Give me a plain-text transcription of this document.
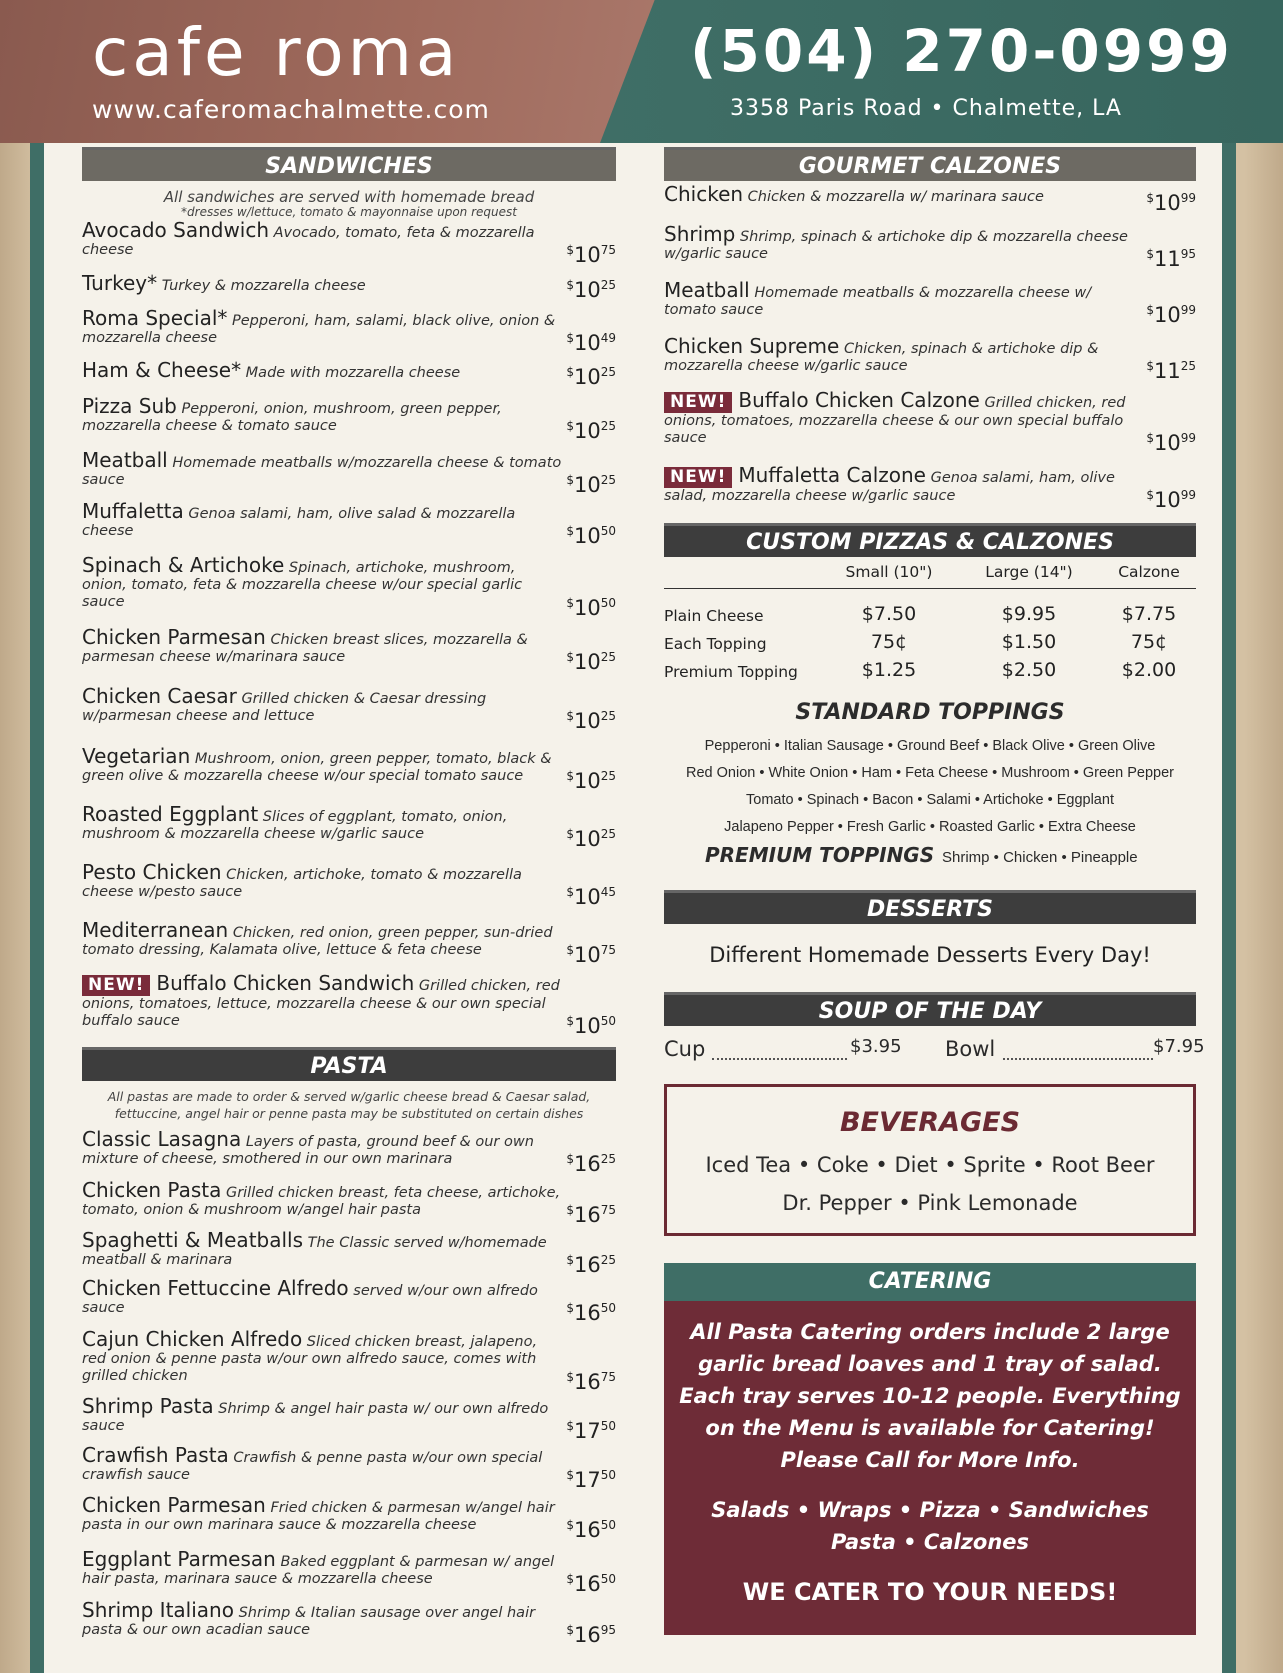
cafe roma
www.caferomachalmette.com
(504) 270-0999
3358 Paris Road • Chalmette, LA
SANDWICHES
All sandwiches are served with homemade bread
*dresses w/lettuce, tomato & mayonnaise upon request
Avocado Sandwich Avocado, tomato, feta & mozzarella cheese	$^{\$}10^{75}$
Turkey* Turkey & mozzarella cheese	$^{\$}10^{25}$
Roma Special* Pepperoni, ham, salami, black olive, onion & mozzarella cheese	$^{\$}10^{49}$
Ham & Cheese* Made with mozzarella cheese	$^{\$}10^{25}$
Pizza Sub Pepperoni, onion, mushroom, green pepper, mozzarella cheese & tomato sauce	$^{\$}10^{25}$
Meatball Homemade meatballs w/mozzarella cheese & tomato sauce	$^{\$}10^{25}$
Muffaletta Genoa salami, ham, olive salad & mozzarella cheese	$^{\$}10^{50}$
Spinach & Artichoke Spinach, artichoke, mushroom, onion, tomato, feta & mozzarella cheese w/our special garlic sauce	$^{\$}10^{50}$
Chicken Parmesan Chicken breast slices, mozzarella & parmesan cheese w/marinara sauce	$^{\$}10^{25}$
Chicken Caesar Grilled chicken & Caesar dressing w/parmesan cheese and lettuce	$^{\$}10^{25}$
Vegetarian Mushroom, onion, green pepper, tomato, black & green olive & mozzarella cheese w/our special tomato sauce	$^{\$}10^{25}$
Roasted Eggplant Slices of eggplant, tomato, onion, mushroom & mozzarella cheese w/garlic sauce	$^{\$}10^{25}$
Pesto Chicken Chicken, artichoke, tomato & mozzarella cheese w/pesto sauce	$^{\$}10^{45}$
Mediterranean Chicken, red onion, green pepper, sun-dried tomato dressing, Kalamata olive, lettuce & feta cheese	$^{\$}10^{75}$
NEW! Buffalo Chicken Sandwich Grilled chicken, red onions, tomatoes, lettuce, mozzarella cheese & our own special buffalo sauce	$^{\$}10^{50}$
PASTA
All pastas are made to order & served w/garlic cheese bread & Caesar salad,
fettuccine, angel hair or penne pasta may be substituted on certain dishes
Classic Lasagna Layers of pasta, ground beef & our own mixture of cheese, smothered in our own marinara	$^{\$}16^{25}$
Chicken Pasta Grilled chicken breast, feta cheese, artichoke, tomato, onion & mushroom w/angel hair pasta	$^{\$}16^{75}$
Spaghetti & Meatballs The Classic served w/homemade meatball & marinara	$^{\$}16^{25}$
Chicken Fettuccine Alfredo served w/our own alfredo sauce	$^{\$}16^{50}$
Cajun Chicken Alfredo Sliced chicken breast, jalapeno, red onion & penne pasta w/our own alfredo sauce, comes with grilled chicken	$^{\$}16^{75}$
Shrimp Pasta Shrimp & angel hair pasta w/ our own alfredo sauce	$^{\$}17^{50}$
Crawfish Pasta Crawfish & penne pasta w/our own special crawfish sauce	$^{\$}17^{50}$
Chicken Parmesan Fried chicken & parmesan w/angel hair pasta in our own marinara sauce & mozzarella cheese	$^{\$}16^{50}$
Eggplant Parmesan Baked eggplant & parmesan w/ angel hair pasta, marinara sauce & mozzarella cheese	$^{\$}16^{50}$
Shrimp Italiano Shrimp & Italian sausage over angel hair pasta & our own acadian sauce	$^{\$}16^{95}$
GOURMET CALZONES
Chicken Chicken & mozzarella w/ marinara sauce	$^{\$}10^{99}$
Shrimp Shrimp, spinach & artichoke dip & mozzarella cheese w/garlic sauce	$^{\$}11^{95}$
Meatball Homemade meatballs & mozzarella cheese w/ tomato sauce	$^{\$}10^{99}$
Chicken Supreme Chicken, spinach & artichoke dip & mozzarella cheese w/garlic sauce	$^{\$}11^{25}$
NEW! Buffalo Chicken Calzone Grilled chicken, red onions, tomatoes, mozzarella cheese & our own special buffalo sauce	$^{\$}10^{99}$
NEW! Muffaletta Calzone Genoa salami, ham, olive salad, mozzarella cheese w/garlic sauce	$^{\$}10^{99}$
CUSTOM PIZZAS & CALZONES
Small (10")	Large (14")	Calzone
Plain Cheese	$7.50	$9.95	$7.75
Each Topping	75¢	$1.50	75¢
Premium Topping	$1.25	$2.50	$2.00
STANDARD TOPPINGS
Pepperoni • Italian Sausage • Ground Beef • Black Olive • Green Olive
Red Onion • White Onion • Ham • Feta Cheese • Mushroom • Green Pepper
Tomato • Spinach • Bacon • Salami • Artichoke • Eggplant
Jalapeno Pepper • Fresh Garlic • Roasted Garlic • Extra Cheese
PREMIUM TOPPINGS Shrimp • Chicken • Pineapple
DESSERTS
Different Homemade Desserts Every Day!
SOUP OF THE DAY
Cup	$3.95 Bowl	$7.95
BEVERAGES
Iced Tea • Coke • Diet • Sprite • Root Beer
Dr. Pepper • Pink Lemonade
CATERING
All Pasta Catering orders include 2 large
garlic bread loaves and 1 tray of salad.
Each tray serves 10-12 people. Everything
on the Menu is available for Catering!
Please Call for More Info.
Salads • Wraps • Pizza • Sandwiches
Pasta • Calzones
WE CATER TO YOUR NEEDS!
